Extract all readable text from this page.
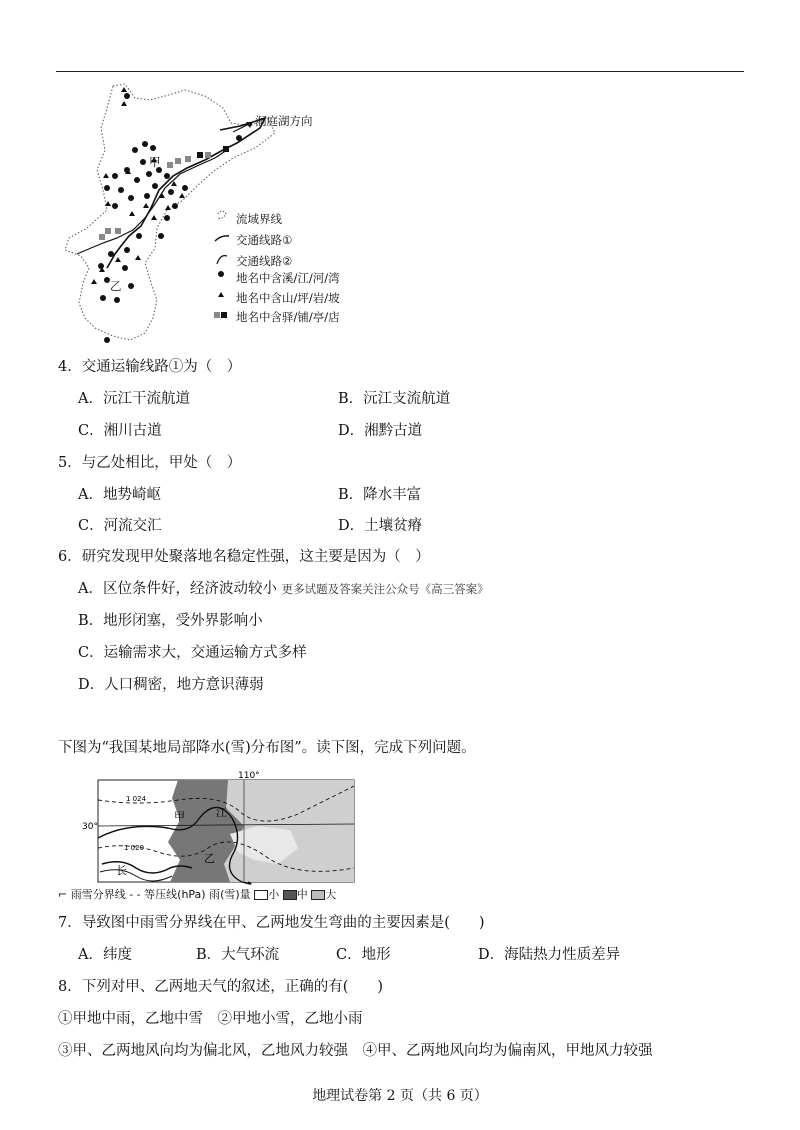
洞庭湖方向
甲
乙
流域界线
交通线路①
交通线路②
地名中含溪/江/河/湾
地名中含山/坪/岩/坡
地名中含驿/铺/亭/店
4．交通运输线路①为（　）
A．沅江干流航道	B．沅江支流航道
C．湘川古道	D．湘黔古道
5．与乙处相比，甲处（　）
A．地势崎岖	B．降水丰富
C．河流交汇	D．土壤贫瘠
6．研究发现甲处聚落地名稳定性强，这主要是因为（　）
A．区位条件好，经济波动较小 更多试题及答案关注公众号《高三答案》
B．地形闭塞，受外界影响小
C．运输需求大，交通运输方式多样
D．人口稠密，地方意识薄弱
下图为“我国某地局部降水(雪)分布图”。读下图，完成下列问题。
110°
30°
1 024
1 020
甲
乙
长
江
⌐ 雨雪分界线 - - 等压线(hPa) 雨(雪)量 小 中 大
7．导致图中雨雪分界线在甲、乙两地发生弯曲的主要因素是(　　)
A．纬度	B．大气环流	C．地形	D．海陆热力性质差异
8．下列对甲、乙两地天气的叙述，正确的有(　　)
①甲地中雨，乙地中雪　②甲地小雪，乙地小雨
③甲、乙两地风向均为偏北风，乙地风力较强　④甲、乙两地风向均为偏南风，甲地风力较强
地理试卷第 2 页（共 6 页）
